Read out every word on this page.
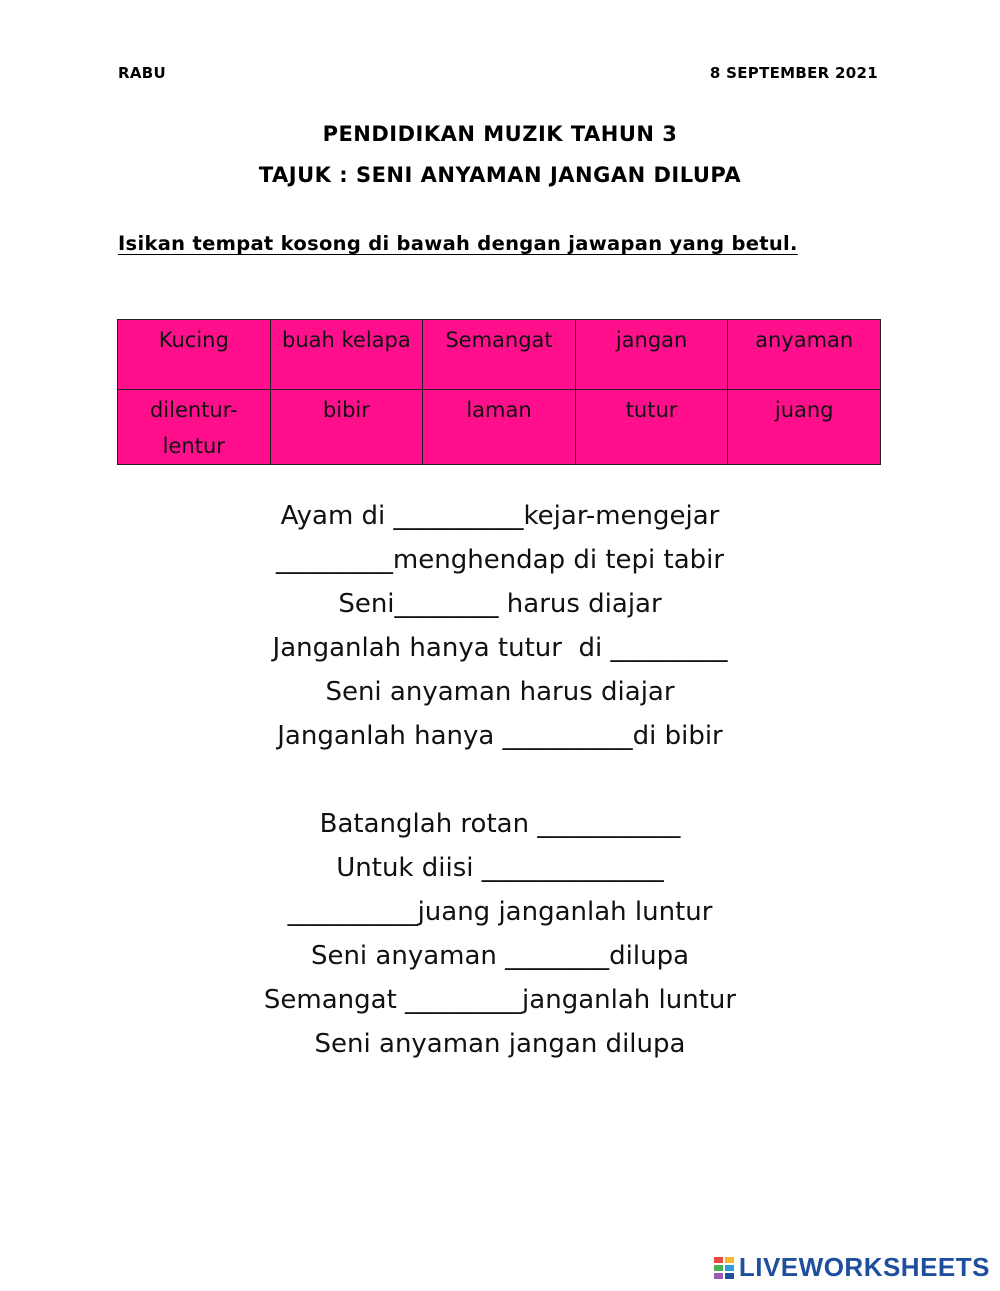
RABU	8 SEPTEMBER 2021
PENDIDIKAN MUZIK TAHUN 3
TAJUK : SENI ANYAMAN JANGAN DILUPA
Isikan tempat kosong di bawah dengan jawapan yang betul.
Kucing	buah kelapa	Semangat	jangan	anyaman
dilentur-lentur	bibir	laman	tutur	juang
Ayam di __________kejar-mengejar
_________menghendap di tepi tabir
Seni________ harus diajar
Janganlah hanya tutur  di _________
Seni anyaman harus diajar
Janganlah hanya __________di bibir
Batanglah rotan ___________
Untuk diisi ______________
__________juang janganlah luntur
Seni anyaman ________dilupa
Semangat _________janganlah luntur
Seni anyaman jangan dilupa
LIVEWORKSHEETS
